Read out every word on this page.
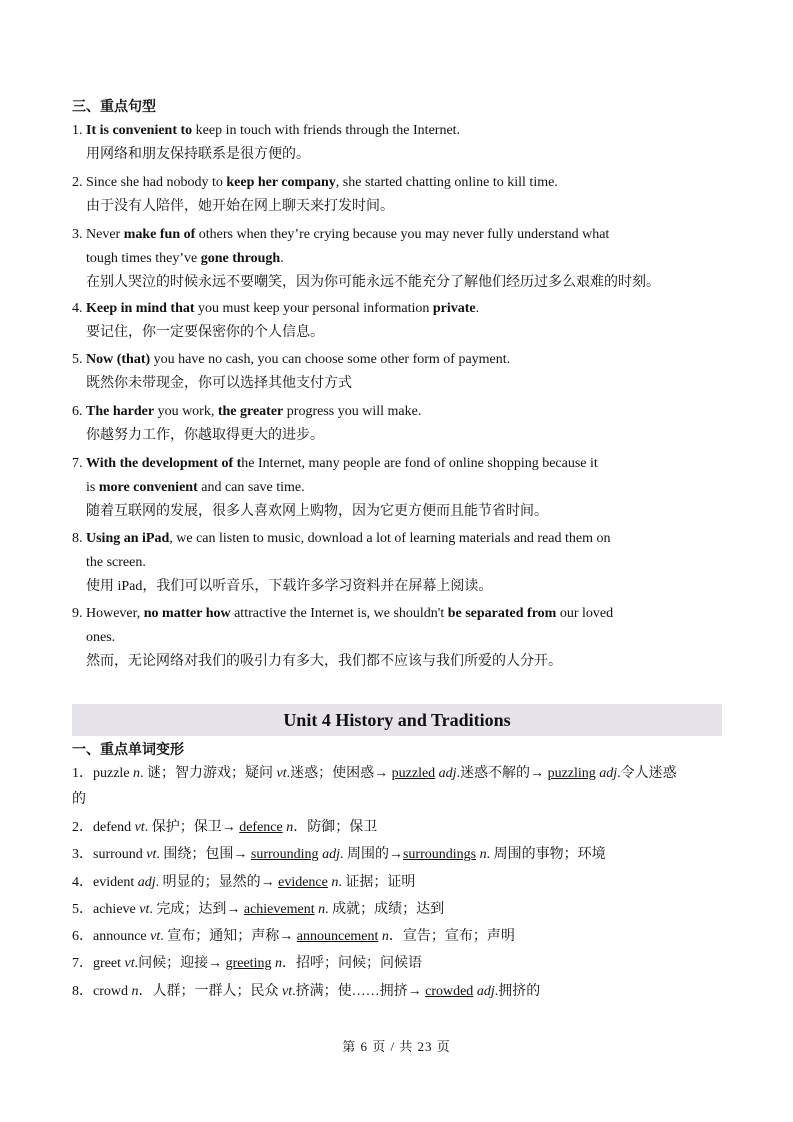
三、重点句型
1. It is convenient to keep in touch with friends through the Internet.
用网络和朋友保持联系是很方便的。
2. Since she had nobody to keep her company, she started chatting online to kill time.
由于没有人陪伴，她开始在网上聊天来打发时间。
3. Never make fun of others when they’re crying because you may never fully understand what
tough times they’ve gone through.
在别人哭泣的时候永远不要嘲笑，因为你可能永远不能充分了解他们经历过多么艰难的时刻。
4. Keep in mind that you must keep your personal information private.
要记住，你一定要保密你的个人信息。
5. Now (that) you have no cash, you can choose some other form of payment.
既然你未带现金，你可以选择其他支付方式
6. The harder you work, the greater progress you will make.
你越努力工作，你越取得更大的进步。
7. With the development of the Internet, many people are fond of online shopping because it
is more convenient and can save time.
随着互联网的发展，很多人喜欢网上购物，因为它更方便而且能节省时间。
8. Using an iPad, we can listen to music, download a lot of learning materials and read them on
the screen.
使用 iPad，我们可以听音乐，下载许多学习资料并在屏幕上阅读。
9. However, no matter how attractive the Internet is, we shouldn't be separated from our loved
ones.
然而，无论网络对我们的吸引力有多大，我们都不应该与我们所爱的人分开。
Unit 4 History and Traditions
一、重点单词变形
1．puzzle n. 谜；智力游戏；疑问 vt.迷惑；使困惑→ puzzled adj.迷惑不解的→ puzzling adj.令人迷惑
的
2．defend vt. 保护；保卫→ defence n．防御；保卫
3．surround vt. 围绕；包围→ surrounding adj. 周围的→surroundings n. 周围的事物；环境
4．evident adj. 明显的；显然的→ evidence n. 证据；证明
5．achieve vt. 完成；达到→ achievement n. 成就；成绩；达到
6．announce vt. 宣布；通知；声称→ announcement n．宣告；宣布；声明
7．greet vt.问候；迎接→ greeting n．招呼；问候；问候语
8．crowd n．人群；一群人；民众 vt.挤满；使……拥挤→ crowded adj.拥挤的
第 6 页 / 共 23 页
